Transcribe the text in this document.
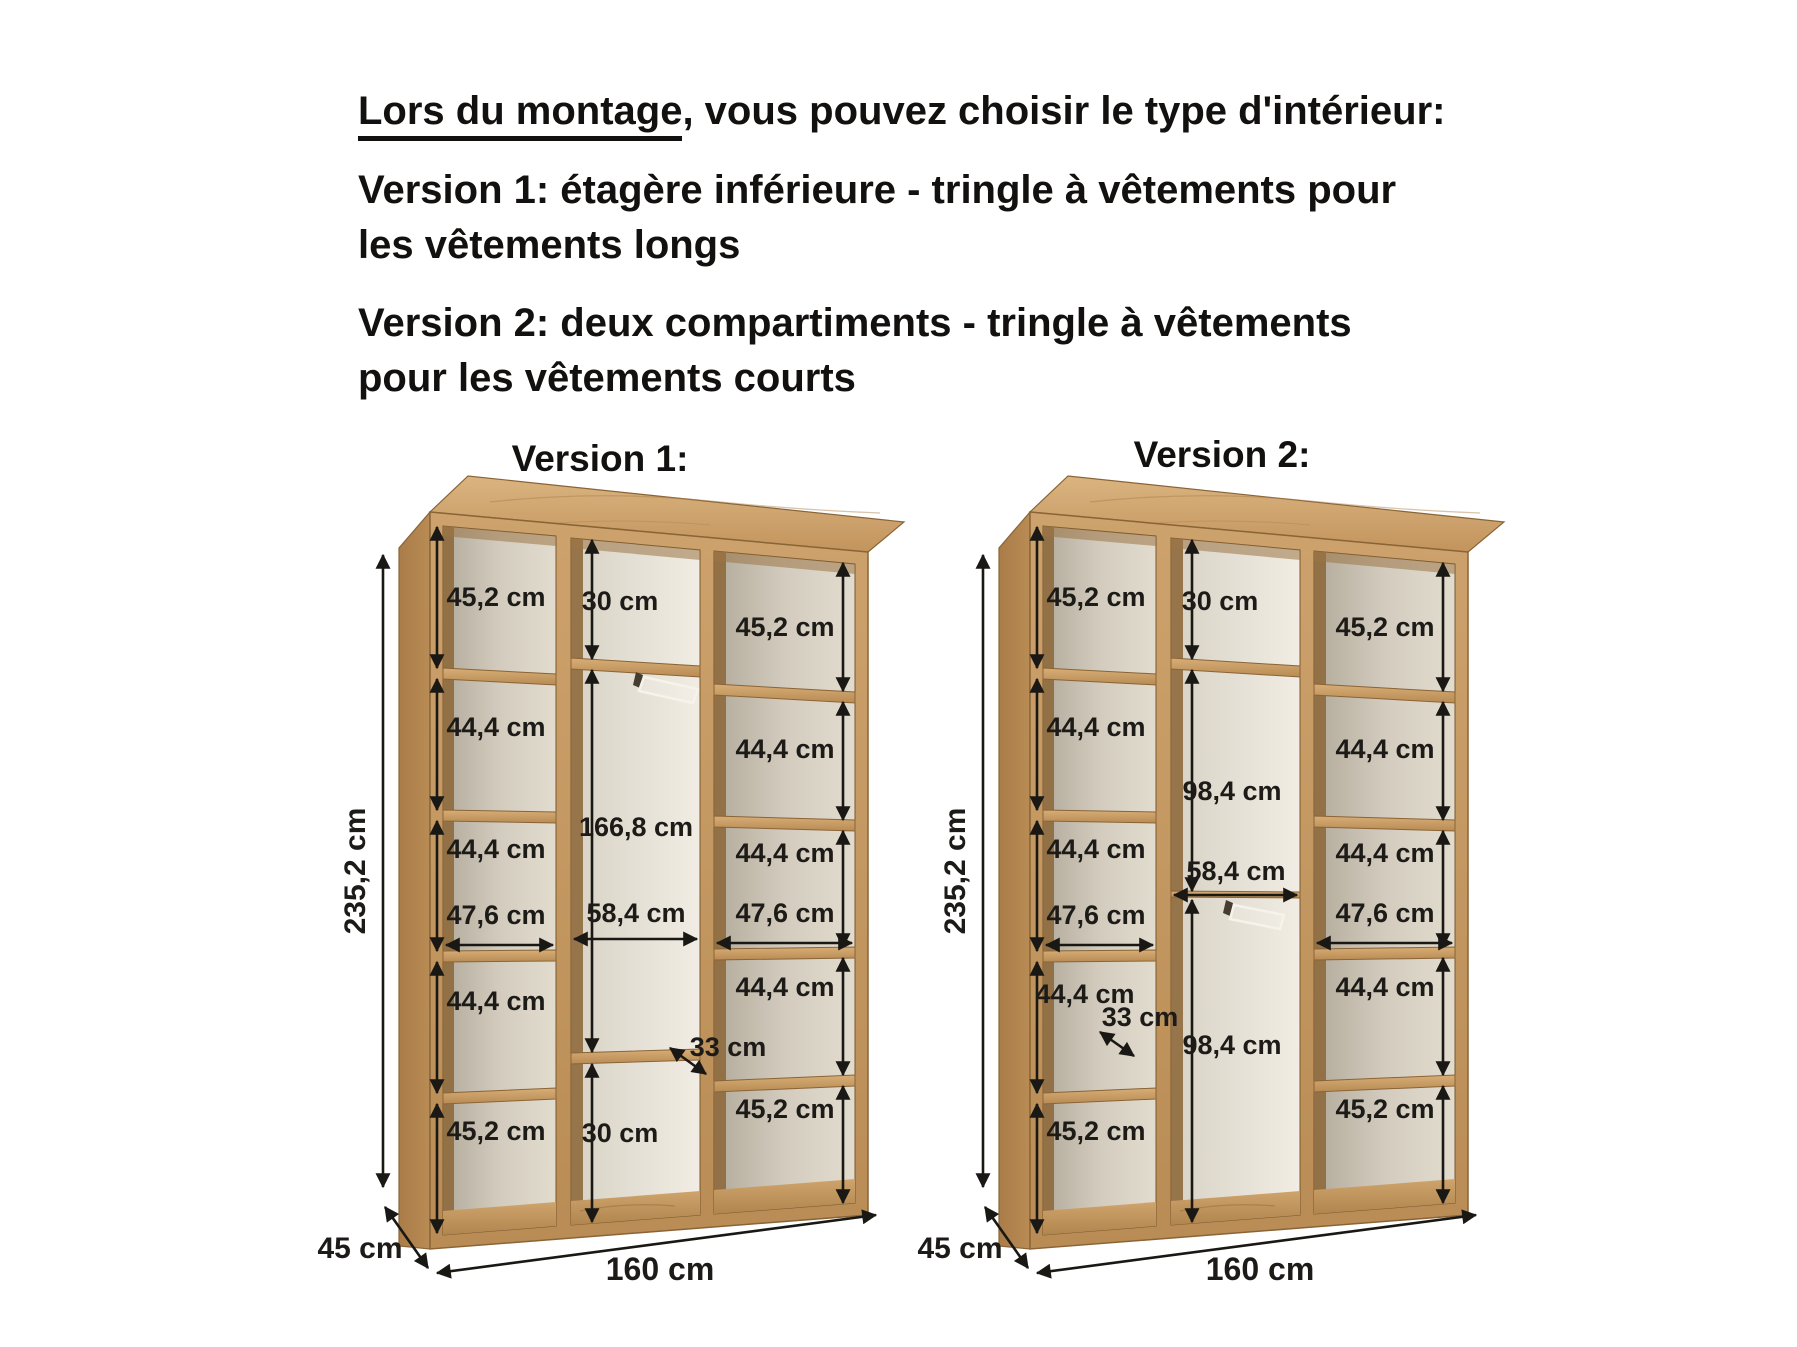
Lors du montage, vous pouvez choisir le type d'intérieur:

Version 1: étagère inférieure - tringle à vêtements pour

les vêtements longs

Version 2: deux compartiments - tringle à vêtements

pour les vêtements courts

Version 1:	Version 2:
45,2 cm
44,4 cm
44,4 cm
47,6 cm
44,4 cm
45,2 cm
45,2 cm
44,4 cm
44,4 cm
47,6 cm
44,4 cm
45,2 cm
30 cm
166,8 cm
58,4 cm
33 cm
30 cm
235,2 cm
45 cm
160 cm
45,2 cm
44,4 cm
44,4 cm
47,6 cm
44,4 cm
45,2 cm
45,2 cm
44,4 cm
44,4 cm
47,6 cm
44,4 cm
45,2 cm
30 cm
98,4 cm
58,4 cm
33 cm
98,4 cm
235,2 cm
45 cm
160 cm
